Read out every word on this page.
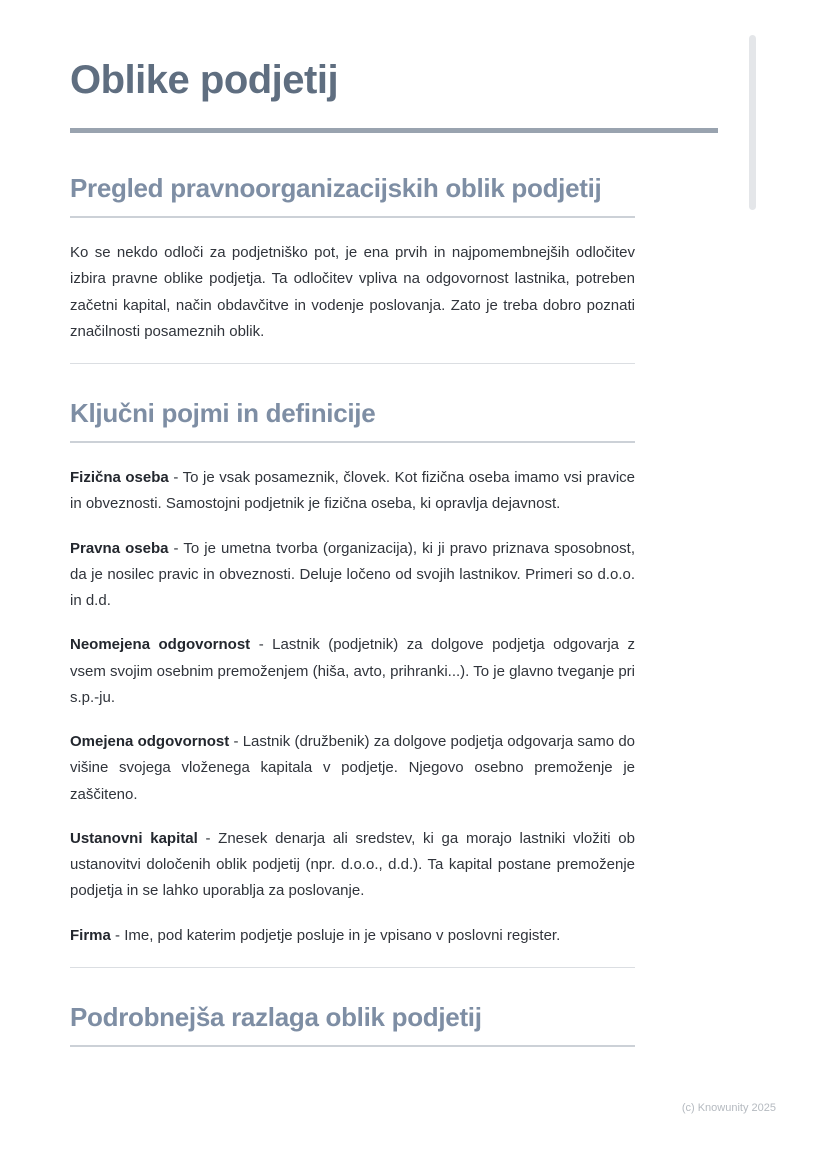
Oblike podjetij
Pregled pravnoorganizacijskih oblik podjetij

Ko se nekdo odloči za podjetniško pot, je ena prvih in najpomembnejših odločitev izbira pravne oblike podjetja. Ta odločitev vpliva na odgovornost lastnika, potreben začetni kapital, način obdavčitve in vodenje poslovanja. Zato je treba dobro poznati značilnosti posameznih oblik.

Ključni pojmi in definicije

Fizična oseba - To je vsak posameznik, človek. Kot fizična oseba imamo vsi pravice in obveznosti. Samostojni podjetnik je fizična oseba, ki opravlja dejavnost.

Pravna oseba - To je umetna tvorba (organizacija), ki ji pravo priznava sposobnost, da je nosilec pravic in obveznosti. Deluje ločeno od svojih lastnikov. Primeri so d.o.o. in d.d.

Neomejena odgovornost - Lastnik (podjetnik) za dolgove podjetja odgovarja z vsem svojim osebnim premoženjem (hiša, avto, prihranki...). To je glavno tveganje pri s.p.-ju.

Omejena odgovornost - Lastnik (družbenik) za dolgove podjetja odgovarja samo do višine svojega vloženega kapitala v podjetje. Njegovo osebno premoženje je zaščiteno.

Ustanovni kapital - Znesek denarja ali sredstev, ki ga morajo lastniki vložiti ob ustanovitvi določenih oblik podjetij (npr. d.o.o., d.d.). Ta kapital postane premoženje podjetja in se lahko uporablja za poslovanje.

Firma - Ime, pod katerim podjetje posluje in je vpisano v poslovni register.

Podrobnejša razlaga oblik podjetij
(c) Knowunity 2025
